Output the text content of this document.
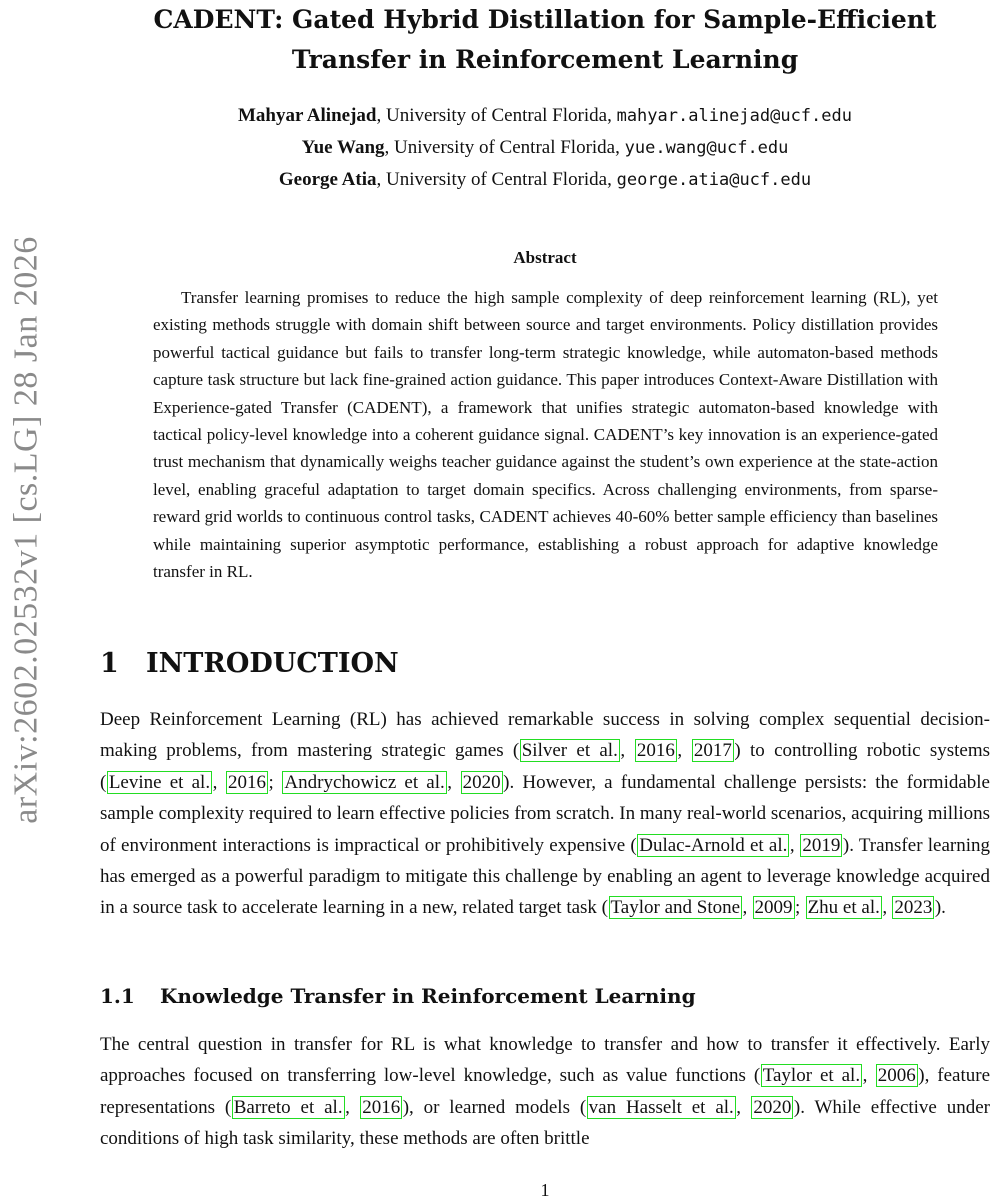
arXiv:2602.02532v1 [cs.LG] 28 Jan 2026
CADENT: Gated Hybrid Distillation for Sample-Efficient Transfer in Reinforcement Learning
Mahyar Alinejad, University of Central Florida, mahyar.alinejad@ucf.edu
Yue Wang, University of Central Florida, yue.wang@ucf.edu
George Atia, University of Central Florida, george.atia@ucf.edu
Abstract

Transfer learning promises to reduce the high sample complexity of deep reinforcement learning (RL), yet existing methods struggle with domain shift between source and target environments. Policy distillation provides powerful tactical guidance but fails to transfer long-term strategic knowledge, while automaton-based methods capture task structure but lack fine-grained action guidance. This paper introduces Context-Aware Distillation with Experience-gated Transfer (CADENT), a framework that unifies strategic automaton-based knowledge with tactical policy-level knowledge into a coherent guidance signal. CADENT’s key innovation is an experience-gated trust mechanism that dynamically weighs teacher guidance against the student’s own experience at the state-action level, enabling graceful adaptation to target domain specifics. Across challenging environments, from sparse-reward grid worlds to continuous control tasks, CADENT achieves 40-60% better sample efficiency than baselines while maintaining superior asymptotic performance, establishing a robust approach for adaptive knowledge transfer in RL.

1 INTRODUCTION

Deep Reinforcement Learning (RL) has achieved remarkable success in solving complex sequential decision-making problems, from mastering strategic games ( Silver et al. , 2016 , 2017 ) to controlling robotic systems ( Levine et al. , 2016 ; Andrychowicz et al. , 2020 ). However, a fundamental challenge persists: the formidable sample complexity required to learn effective policies from scratch. In many real-world scenarios, acquiring millions of environment interactions is impractical or prohibitively expensive ( Dulac-Arnold et al. , 2019 ). Transfer learning has emerged as a powerful paradigm to mitigate this challenge by enabling an agent to leverage knowledge acquired in a source task to accelerate learning in a new, related target task ( Taylor and Stone , 2009 ; Zhu et al. , 2023 ).

1.1 Knowledge Transfer in Reinforcement Learning

The central question in transfer for RL is what knowledge to transfer and how to transfer it effectively. Early approaches focused on transferring low-level knowledge, such as value functions ( Taylor et al. , 2006 ), feature representations ( Barreto et al. , 2016 ), or learned models ( van Hasselt et al. , 2020 ). While effective under conditions of high task similarity, these methods are often brittle

1
